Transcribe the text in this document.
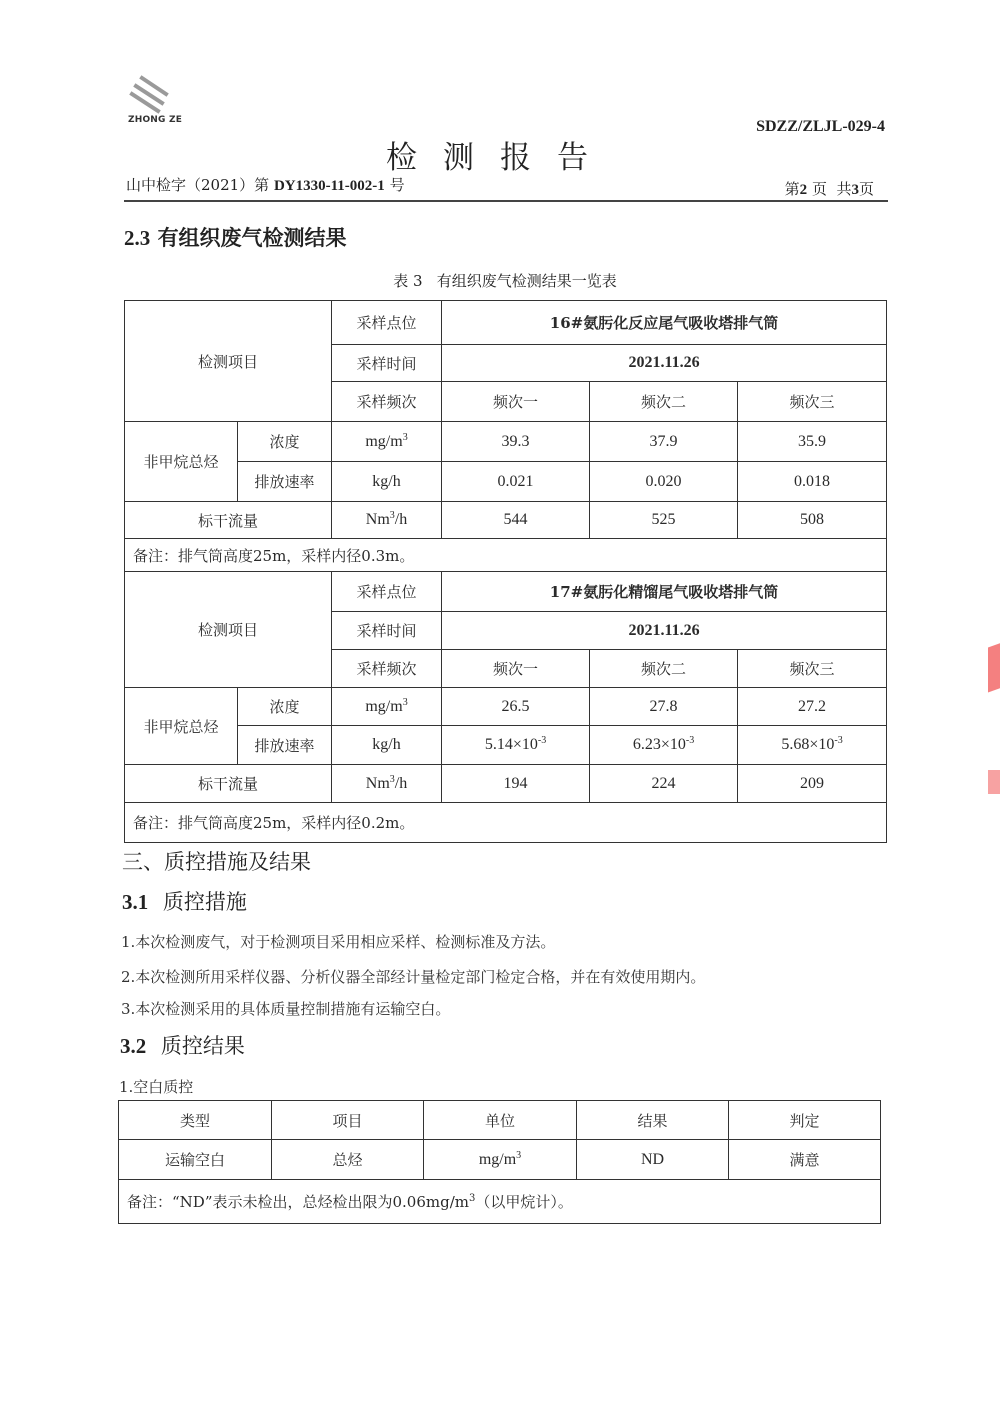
ZHONG ZE	SDZZ/ZLJL-029-4
检测报告
山中检字（2021）第 DY1330-11-002-1 号	第2 页  共3页
2.3 有组织废气检测结果
表 3   有组织废气检测结果一览表
检测项目		采样点位	16#氨肟化反应尾气吸收塔排气筒		
		采样时间	2021.11.26		
		采样频次	频次一	频次二	频次三
非甲烷总烃	浓度	$mg/m^3$	39.3	37.9	35.9
	排放速率	kg/h	0.021	0.020	0.018
标干流量		Nm$^3$/h	544	525	508
备注：排气筒高度25m，采样内径0.3m。					
检测项目		采样点位	17#氨肟化精馏尾气吸收塔排气筒		
		采样时间	2021.11.26		
		采样频次	频次一	频次二	频次三
非甲烷总烃	浓度	$mg/m^3$	26.5	27.8	27.2
	排放速率	kg/h	$5.14\times 10^{-3}$	$6.23\times 10^{-3}$	$5.68\times 10^{-3}$
标干流量		Nm$^3$/h	194	224	209
备注：排气筒高度25m，采样内径0.2m。					
三、质控措施及结果
3.1 质控措施
1.本次检测废气，对于检测项目采用相应采样、检测标准及方法。
2.本次检测所用采样仪器、分析仪器全部经计量检定部门检定合格，并在有效使用期内。
3.本次检测采用的具体质量控制措施有运输空白。
3.2 质控结果
1.空白质控
类型	项目	单位	结果	判定
运输空白	总烃	$mg/m^3$	ND	满意
备注：“ND”表示未检出，总烃检出限为$0.06mg/m^3$（以甲烷计）。				
